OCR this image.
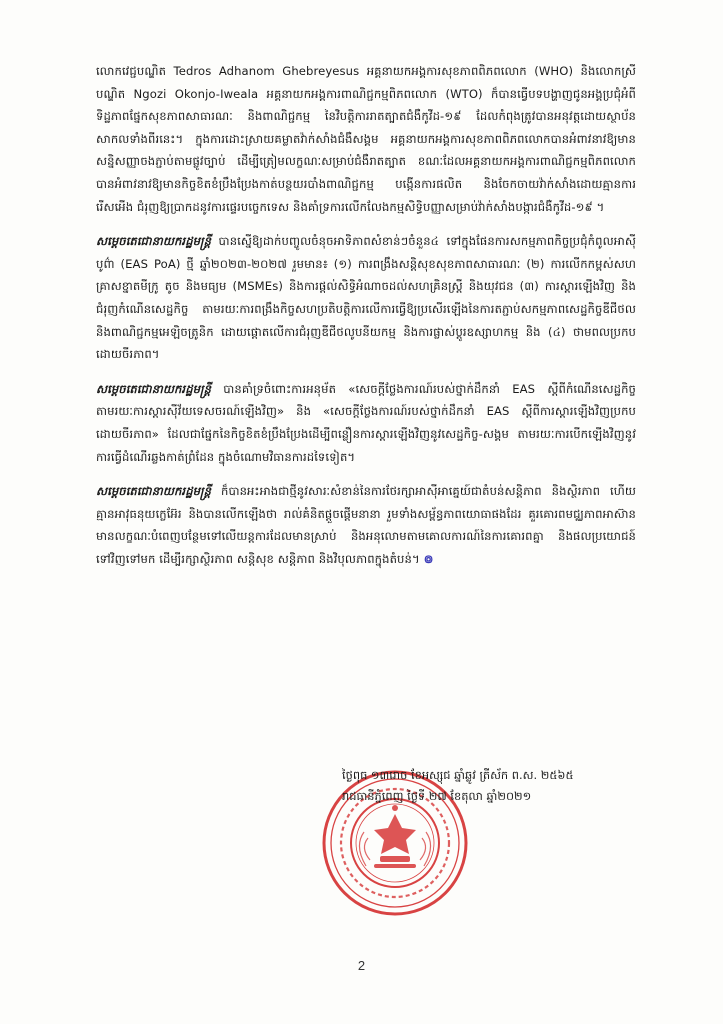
លោកវេជ្ជបណ្ឌិត Tedros Adhanom Ghebreyesus អគ្គនាយកអង្គការសុខភាពពិភពលោក (WHO) និងលោកស្រីបណ្ឌិត Ngozi Okonjo-Iweala អគ្គនាយកអង្គការពាណិជ្ជកម្មពិភពលោក (WTO) ក៏បានធ្វើបទបង្ហាញជូនអង្គប្រជុំអំពីទិដ្ឋភាពផ្នែកសុខភាពសាធារណៈ និងពាណិជ្ជកម្ម នៃវិបត្តិការរាតត្បាតជំងឺកូវីដ-១៩ ដែលកំពុងត្រូវបានអនុវត្តដោយស្ថាប័នសាកលទាំងពីរនេះ។ ក្នុងការដោះស្រាយគម្លាតវ៉ាក់សាំងជំងឺសង្គម អគ្គនាយកអង្គការសុខភាពពិភពលោកបានអំពាវនាវឱ្យមានសន្និសញ្ញាចងភ្ជាប់តាមផ្លូវច្បាប់ ដើម្បីត្រៀមលក្ខណៈសម្រាប់ជំងឺរាតត្បាត ខណៈដែលអគ្គនាយកអង្គការពាណិជ្ជកម្មពិភពលោក បានអំពាវនាវឱ្យមានកិច្ចខិតខំប្រឹងប្រែងកាត់បន្ថយរបាំងពាណិជ្ជកម្ម បង្កើនការផលិត និងចែកចាយវ៉ាក់សាំងដោយគ្មានការរើសអើង ជំរុញឱ្យប្រាកដនូវការផ្ទេរបច្ចេកទេស និងគាំទ្រការលើកលែងកម្មសិទ្ធិបញ្ញាសម្រាប់វ៉ាក់សាំងបង្ការជំងឺកូវីដ-១៩ ។

សម្តេចតេជោនាយករដ្ឋមន្ត្រី បានស្នើឱ្យដាក់បញ្ចូលចំនុចអាទិភាពសំខាន់ៗចំនួន៤ ទៅក្នុងផែនការសកម្មភាពកិច្ចប្រជុំកំពូលអាស៊ីបូព៌ា (EAS PoA) ថ្មី ឆ្នាំ២០២៣-២០២៧ រួមមាន៖ (១) ការពង្រឹងសន្តិសុខសុខភាពសាធារណៈ (២) ការលើកកម្ពស់សហគ្រាសខ្នាតមីក្រូ តូច និងមធ្យម (MSMEs) និងការផ្តល់សិទ្ធិអំណាចដល់សហគ្រិនស្ត្រី និងយុវជន (៣) ការស្តារឡើងវិញ និងជំរុញកំណើនសេដ្ឋកិច្ច តាមរយៈការពង្រឹងកិច្ចសហប្រតិបត្តិការលើការធ្វើឱ្យប្រសើរឡើងនៃការតភ្ជាប់សកម្មភាពសេដ្ឋកិច្ចឌីជីថល និងពាណិជ្ជកម្មអេឡិចត្រូនិក ដោយផ្តោតលើការជំរុញឌីជីថលូបនីយកម្ម និងការផ្លាស់ប្តូរឧស្សាហកម្ម និង (៤) ថាមពលប្រកបដោយចីរភាព។

សម្តេចតេជោនាយករដ្ឋមន្ត្រី បានគាំទ្រចំពោះការអនុម័ត «សេចក្តីថ្លែងការណ៍របស់ថ្នាក់ដឹកនាំ EAS ស្តីពីកំណើនសេដ្ឋកិច្ច តាមរយៈការស្តារស៊ីវ័យទេសចរណ៍ឡើងវិញ» និង «សេចក្តីថ្លែងការណ៍របស់ថ្នាក់ដឹកនាំ EAS ស្តីពីការស្តារឡើងវិញប្រកបដោយចីរភាព» ដែលជាផ្នែកនៃកិច្ចខិតខំប្រឹងប្រែងដើម្បីពន្លឿនការស្តារឡើងវិញនូវសេដ្ឋកិច្ច-សង្គម តាមរយៈការបើកឡើងវិញនូវការធ្វើដំណើរឆ្លងកាត់ព្រំដែន ក្នុងចំណោមវិធានការដទៃទៀត។

សម្តេចតេជោនាយករដ្ឋមន្ត្រី ក៏បានអះអាងជាថ្មីនូវសារៈសំខាន់នៃការថែរក្សាអាស៊ីអាគ្នេយ៍ជាតំបន់សន្តិភាព និងស្ថិរភាព ហើយគ្មានអាវុធនុយក្លេអ៊ែរ និងបានលើកឡើងថា រាល់គំនិតផ្តួចផ្តើមនានា រួមទាំងសម្ព័ន្ធភាពយោធាផងដែរ គួរគោរពមជ្ឈភាពអាស៊ាន មានលក្ខណៈបំពេញបន្ថែមទៅលើយន្តការដែលមានស្រាប់ និងអនុលោមតាមគោលការណ៍នៃការគោរពគ្នា និងផលប្រយោជន៍ទៅវិញទៅមក ដើម្បីរក្សាស្ថិរភាព សន្តិសុខ សន្តិភាព និងវិបុលភាពក្នុងតំបន់។ ៙

ថ្ងៃពុធ ១៣រោច ខែអស្សុជ ឆ្នាំឆ្លូវ ត្រីស័ក ព.ស. ២៥៦៥
រាជធានីភ្នំពេញ ថ្ងៃទី ២៧ ខែតុលា ឆ្នាំ២០២១
2
